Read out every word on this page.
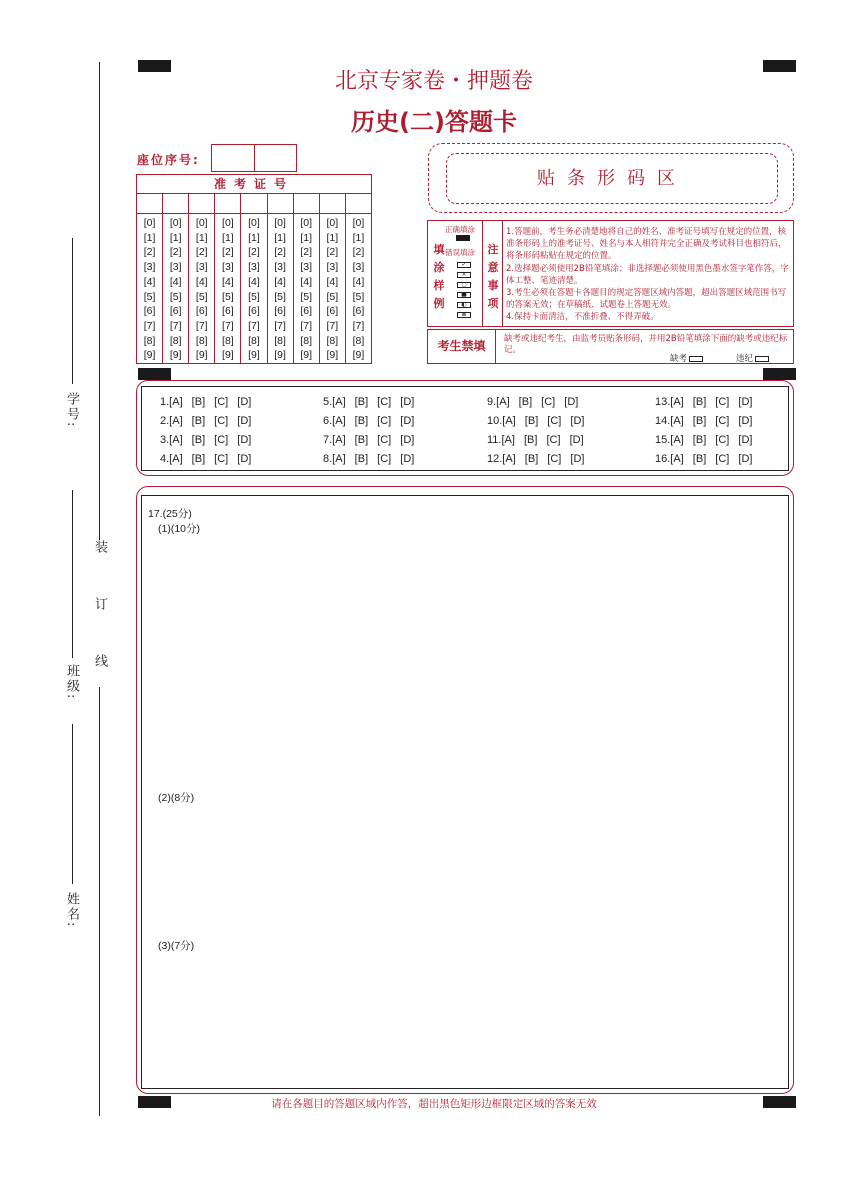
北京专家卷・押题卷
历史(二)答题卡
学号:
班级:
姓名:
装 订 线
座位序号:
准考证号
[0]
[1]
[2]
[3]
[4]
[5]
[6]
[7]
[8]
[9]
[0]
[1]
[2]
[3]
[4]
[5]
[6]
[7]
[8]
[9]
[0]
[1]
[2]
[3]
[4]
[5]
[6]
[7]
[8]
[9]
[0]
[1]
[2]
[3]
[4]
[5]
[6]
[7]
[8]
[9]
[0]
[1]
[2]
[3]
[4]
[5]
[6]
[7]
[8]
[9]
[0]
[1]
[2]
[3]
[4]
[5]
[6]
[7]
[8]
[9]
[0]
[1]
[2]
[3]
[4]
[5]
[6]
[7]
[8]
[9]
[0]
[1]
[2]
[3]
[4]
[5]
[6]
[7]
[8]
[9]
[0]
[1]
[2]
[3]
[4]
[5]
[6]
[7]
[8]
[9]
贴条形码区
填涂样例
正确填涂
错误填涂
✓
×
○
■
◐
⊠
注意事项

1.答题前，考生务必清楚地将自己的姓名、准考证号填写在规定的位置，核准条形码上的准考证号、姓名与本人相符并完全正确及考试科目也相符后，将条形码粘贴在规定的位置。

2.选择题必须使用2B铅笔填涂；非选择题必须使用黑色墨水签字笔作答，字体工整、笔迹清楚。

3.考生必须在答题卡各题目的规定答题区域内答题，超出答题区域范围书写的答案无效；在草稿纸、试题卷上答题无效。

4.保持卡面清洁，不准折叠、不得弄破。

考生禁填	缺考或违纪考生，由监考员贴条形码，并用2B铅笔填涂下面的缺考或违纪标记。
缺考	违纪
1.[A] [B] [C] [D]
2.[A] [B] [C] [D]
3.[A] [B] [C] [D]
4.[A] [B] [C] [D]
5.[A] [B] [C] [D]
6.[A] [B] [C] [D]
7.[A] [B] [C] [D]
8.[A] [B] [C] [D]
9.[A] [B] [C] [D]
10.[A] [B] [C] [D]
11.[A] [B] [C] [D]
12.[A] [B] [C] [D]
13.[A] [B] [C] [D]
14.[A] [B] [C] [D]
15.[A] [B] [C] [D]
16.[A] [B] [C] [D]
17.(25分)
(1)(10分)
(2)(8分)
(3)(7分)
请在各题目的答题区域内作答，超出黑色矩形边框限定区域的答案无效
